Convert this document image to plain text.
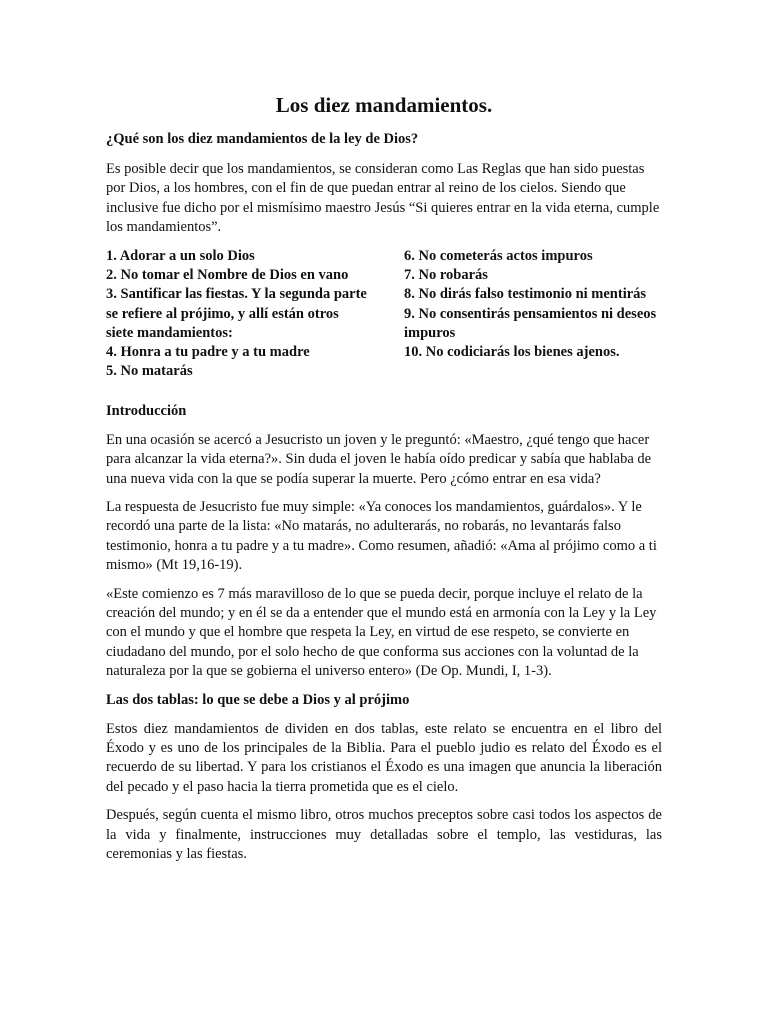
Los diez mandamientos.
¿Qué son los diez mandamientos de la ley de Dios?

Es posible decir que los mandamientos, se consideran como Las Reglas que han sido puestas por Dios, a los hombres, con el fin de que puedan entrar al reino de los cielos. Siendo que inclusive fue dicho por el mismísimo maestro Jesús “Si quieres entrar en la vida eterna, cumple los mandamientos”.

1. Adorar a un solo Dios
2. No tomar el Nombre de Dios en vano
3. Santificar las fiestas. Y la segunda parte se refiere al prójimo, y allí están otros siete mandamientos:
4. Honra a tu padre y a tu madre
5. No matarás
6. No cometerás actos impuros
7. No robarás
8. No dirás falso testimonio ni mentirás
9. No consentirás pensamientos ni deseos impuros
10. No codiciarás los bienes ajenos.
Introducción

En una ocasión se acercó a Jesucristo un joven y le preguntó: «Maestro, ¿qué tengo que hacer para alcanzar la vida eterna?». Sin duda el joven le había oído predicar y sabía que hablaba de una nueva vida con la que se podía superar la muerte. Pero ¿cómo entrar en esa vida?

La respuesta de Jesucristo fue muy simple: «Ya conoces los mandamientos, guárdalos». Y le recordó una parte de la lista: «No matarás, no adulterarás, no robarás, no levantarás falso testimonio, honra a tu padre y a tu madre». Como resumen, añadió: «Ama al prójimo como a ti mismo» (Mt 19,16-19).

«Este comienzo es 7 más maravilloso de lo que se pueda decir, porque incluye el relato de la creación del mundo; y en él se da a entender que el mundo está en armonía con la Ley y la Ley con el mundo y que el hombre que respeta la Ley, en virtud de ese respeto, se convierte en ciudadano del mundo, por el solo hecho de que conforma sus acciones con la voluntad de la naturaleza por la que se gobierna el universo entero» (De Op. Mundi, I, 1-3).

Las dos tablas: lo que se debe a Dios y al prójimo

Estos diez mandamientos de dividen en dos tablas, este relato se encuentra en el libro del Éxodo y es uno de los principales de la Biblia. Para el pueblo judio es relato del Éxodo es el recuerdo de su libertad. Y para los cristianos el Éxodo es una imagen que anuncia la liberación del pecado y el paso hacia la tierra prometida que es el cielo.

Después, según cuenta el mismo libro, otros muchos preceptos sobre casi todos los aspectos de la vida y finalmente, instrucciones muy detalladas sobre el templo, las vestiduras, las ceremonias y las fiestas.
